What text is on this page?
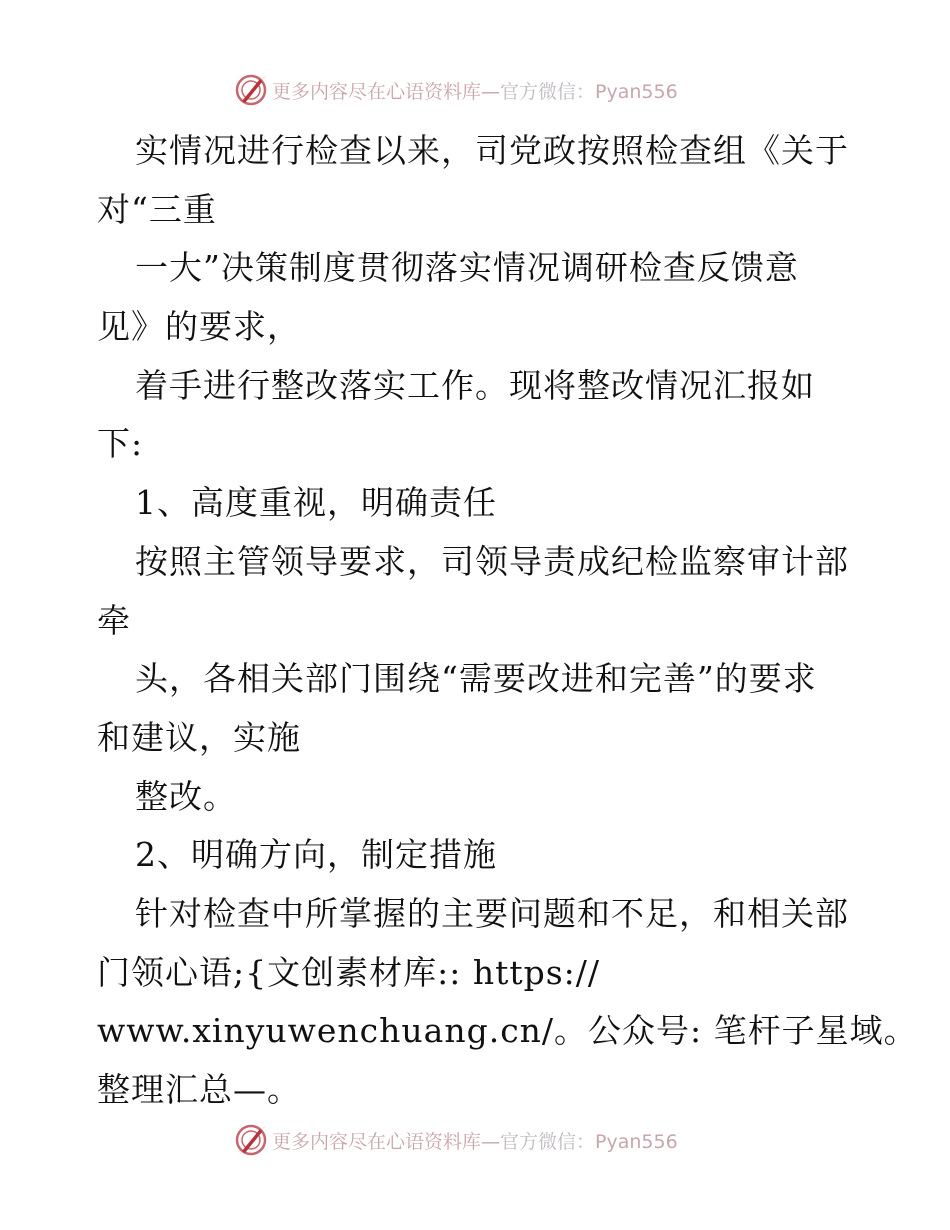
更多内容尽在心语资料库—官方微信：Pyan556
实情况进行检查以来，司党政按照检查组《关于
对“三重
一大”决策制度贯彻落实情况调研检查反馈意
见》的要求，
着手进行整改落实工作。现将整改情况汇报如
下:
1、高度重视，明确责任
按照主管领导要求，司领导责成纪检监察审计部
牵
头，各相关部门围绕“需要改进和完善”的要求
和建议，实施
整改。
2、明确方向，制定措施
针对检查中所掌握的主要问题和不足，和相关部
门领心语;{文创素材库:: https://
www.xinyuwenchuang.cn/。公众号: 笔杆子星域。
整理汇总—。
更多内容尽在心语资料库—官方微信：Pyan556
